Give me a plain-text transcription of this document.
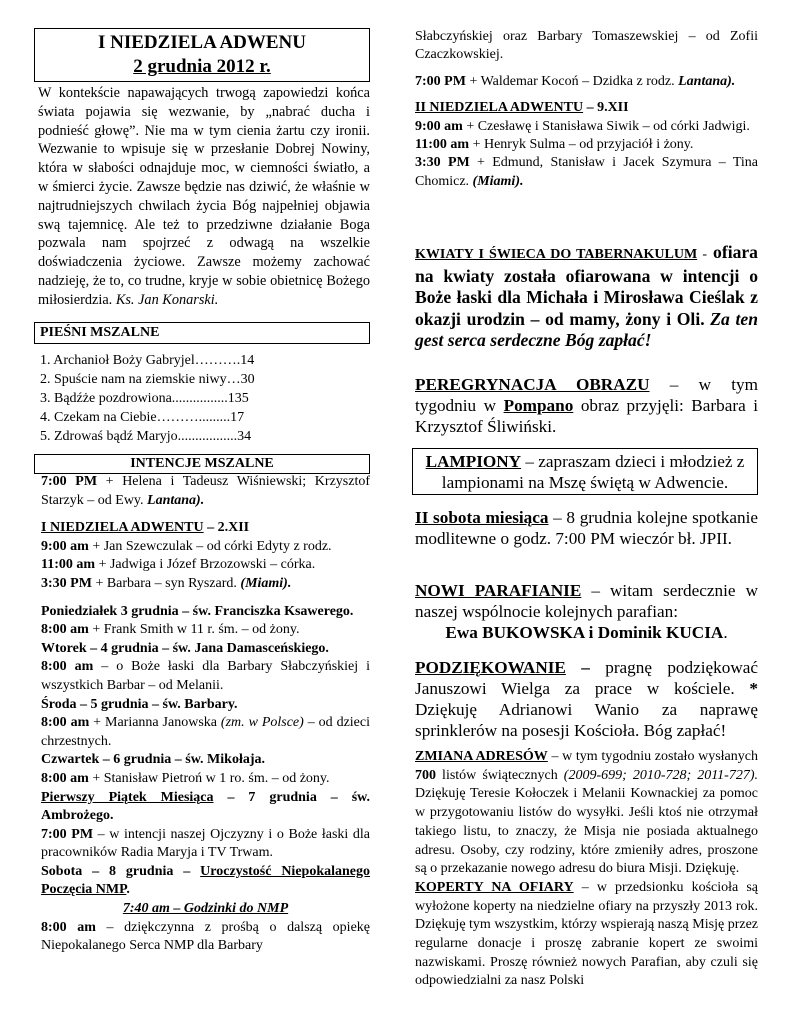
I NIEDZIELA ADWENU
2 grudnia 2012 r.
W kontekście napawających trwogą zapowiedzi końca świata pojawia się wezwanie, by „nabrać ducha i podnieść głowę”. Nie ma w tym cienia żartu czy ironii. Wezwanie to wpisuje się w przesłanie Dobrej Nowiny, która w słabości odnajduje moc, w ciemności światło, a w śmierci życie. Zawsze będzie nas dziwić, że właśnie w najtrudniejszych chwilach życia Bóg najpełniej objawia swą tajemnicę. Ale też to przedziwne działanie Boga pozwala nam spojrzeć z odwagą na wszelkie doświadczenia życiowe. Zawsze możemy zachować nadzieję, że to, co trudne, kryje w sobie obietnicę Bożego miłosierdzia. Ks. Jan Konarski.
PIEŚNI MSZALNE
1. Archanioł Boży Gabryjel……….14
2. Spuście nam na ziemskie niwy…30
3. Bądźże pozdrowiona................135
4. Czekam na Ciebie……….........17
5. Zdrowaś bądź Maryjo.................34
INTENCJE MSZALNE

7:00 PM + Helena i Tadeusz Wiśniewski; Krzysztof Starzyk – od Ewy. Lantana).

I NIEDZIELA ADWENTU – 2.XII

9:00 am + Jan Szewczulak – od córki Edyty z rodz.

11:00 am + Jadwiga i Józef Brzozowski – córka.

3:30 PM + Barbara – syn Ryszard. (Miami).

Poniedziałek 3 grudnia – św. Franciszka Ksawerego.

8:00 am + Frank Smith w 11 r. śm. – od żony.

Wtorek – 4 grudnia – św. Jana Damasceńskiego.

8:00 am – o Boże łaski dla Barbary Słabczyńskiej i wszystkich Barbar – od Melanii.

Środa – 5 grudnia – św. Barbary.

8:00 am + Marianna Janowska (zm. w Polsce) – od dzieci chrzestnych.

Czwartek – 6 grudnia – św. Mikołaja.

8:00 am + Stanisław Pietroń w 1 ro. śm. – od żony.

Pierwszy Piątek Miesiąca – 7 grudnia – św. Ambrożego.

7:00 PM – w intencji naszej Ojczyzny i o Boże łaski dla pracowników Radia Maryja i TV Trwam.

Sobota – 8 grudnia – Uroczystość Niepokalanego Poczęcia NMP.

7:40 am – Godzinki do NMP

8:00 am – dziękczynna z prośbą o dalszą opiekę Niepokalanego Serca NMP dla Barbary

Słabczyńskiej oraz Barbary Tomaszewskiej – od Zofii Czaczkowskiej.

7:00 PM + Waldemar Kocoń – Dzidka z rodz. Lantana).

II NIEDZIELA ADWENTU – 9.XII

9:00 am + Czesławę i Stanisława Siwik – od córki Jadwigi.

11:00 am + Henryk Sulma – od przyjaciół i żony.

3:30 PM + Edmund, Stanisław i Jacek Szymura – Tina Chomicz. (Miami).

KWIATY I ŚWIECA DO TABERNAKULUM - ofiara na kwiaty została ofiarowana w intencji o Boże łaski dla Michała i Mirosława Cieślak z okazji urodzin – od mamy, żony i Oli. Za ten gest serca serdeczne Bóg zapłać!
PEREGRYNACJA OBRAZU – w tym tygodniu w Pompano obraz przyjęli: Barbara i Krzysztof Śliwiński.
LAMPIONY – zapraszam dzieci i młodzież z lampionami na Mszę świętą w Adwencie.
II sobota miesiąca – 8 grudnia kolejne spotkanie modlitewne o godz. 7:00 PM wieczór bł. JPII.
NOWI PARAFIANIE – witam serdecznie w naszej wspólnocie kolejnych parafian:
Ewa BUKOWSKA i Dominik KUCIA.
PODZIĘKOWANIE – pragnę podziękować Januszowi Wielga za prace w kościele. * Dziękuję Adrianowi Wanio za naprawę sprinklerów na posesji Kościoła. Bóg zapłać!

ZMIANA ADRESÓW – w tym tygodniu zostało wysłanych 700 listów świątecznych (2009-699; 2010-728; 2011-727). Dziękuję Teresie Kołoczek i Melanii Kownackiej za pomoc w przygotowaniu listów do wysyłki. Jeśli ktoś nie otrzymał takiego listu, to znaczy, że Misja nie posiada aktualnego adresu. Osoby, czy rodziny, które zmieniły adres, proszone są o przekazanie nowego adresu do biura Misji. Dziękuję.

KOPERTY NA OFIARY – w przedsionku kościoła są wyłożone koperty na niedzielne ofiary na przyszły 2013 rok. Dziękuję tym wszystkim, którzy wspierają naszą Misję przez regularne donacje i proszę zabranie kopert ze swoimi nazwiskami. Proszę również nowych Parafian, aby czuli się odpowiedzialni za nasz Polski
